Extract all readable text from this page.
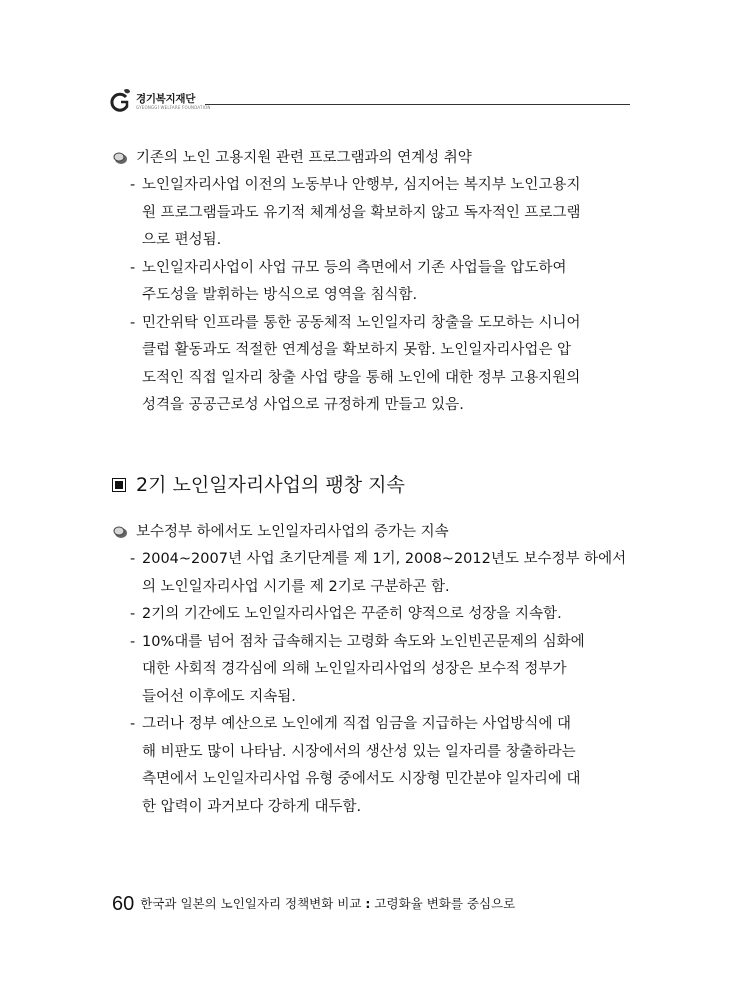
경기복지재단
GYEONGGI WELFARE FOUNDATION
기존의 노인 고용지원 관련 프로그램과의 연계성 취약
- 노인일자리사업 이전의 노동부나 안행부, 심지어는 복지부 노인고용지
원 프로그램들과도 유기적 체계성을 확보하지 않고 독자적인 프로그램
으로 편성됨.
- 노인일자리사업이 사업 규모 등의 측면에서 기존 사업들을 압도하여
주도성을 발휘하는 방식으로 영역을 침식함.
- 민간위탁 인프라를 통한 공동체적 노인일자리 창출을 도모하는 시니어
클럽 활동과도 적절한 연계성을 확보하지 못함. 노인일자리사업은 압
도적인 직접 일자리 창출 사업 량을 통해 노인에 대한 정부 고용지원의
성격을 공공근로성 사업으로 규정하게 만들고 있음.
2기 노인일자리사업의 팽창 지속
보수정부 하에서도 노인일자리사업의 증가는 지속
- 2004~2007년 사업 초기단계를 제 1기, 2008~2012년도 보수정부 하에서
의 노인일자리사업 시기를 제 2기로 구분하곤 함.
- 2기의 기간에도 노인일자리사업은 꾸준히 양적으로 성장을 지속함.
- 10%대를 넘어 점차 급속해지는 고령화 속도와 노인빈곤문제의 심화에
대한 사회적 경각심에 의해 노인일자리사업의 성장은 보수적 정부가
들어선 이후에도 지속됨.
- 그러나 정부 예산으로 노인에게 직접 임금을 지급하는 사업방식에 대
해 비판도 많이 나타남. 시장에서의 생산성 있는 일자리를 창출하라는
측면에서 노인일자리사업 유형 중에서도 시장형 민간분야 일자리에 대
한 압력이 과거보다 강하게 대두함.
60 한국과 일본의 노인일자리 정책변화 비교 : 고령화율 변화를 중심으로
